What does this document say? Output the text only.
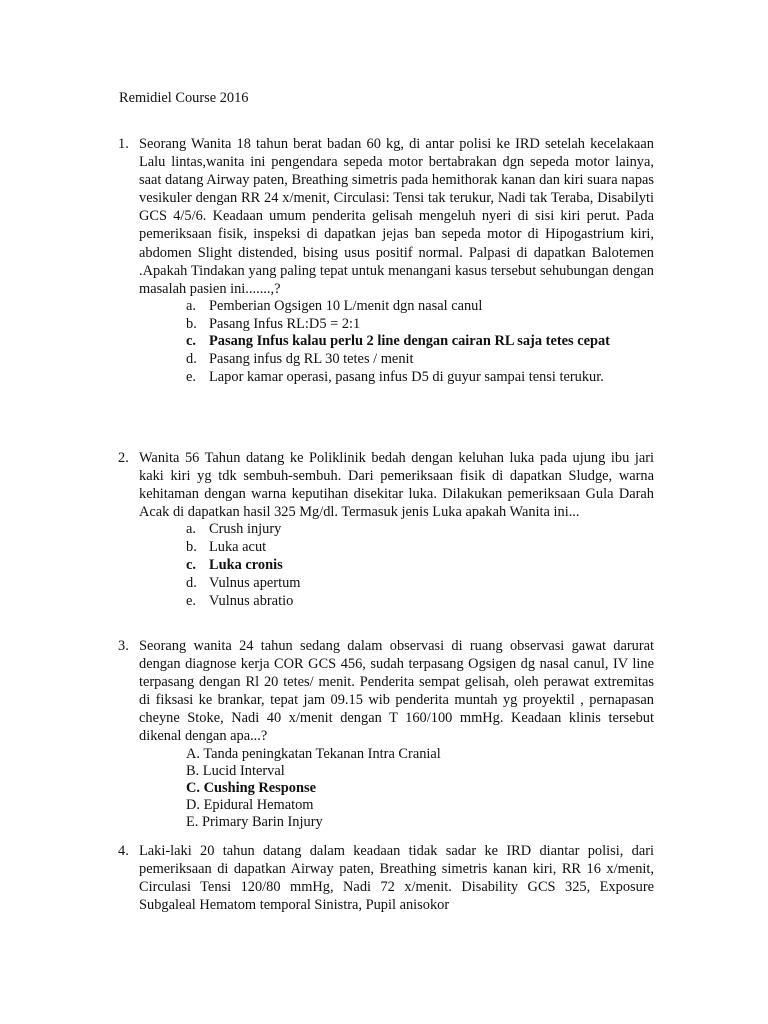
Remidiel Course 2016
1. Seorang Wanita 18 tahun berat badan 60 kg, di antar polisi ke IRD setelah kecelakaan Lalu lintas,wanita ini pengendara sepeda motor bertabrakan dgn sepeda motor lainya, saat datang Airway paten, Breathing simetris pada hemithorak kanan dan kiri suara napas vesikuler dengan RR 24 x/menit, Circulasi: Tensi tak terukur, Nadi tak Teraba, Disabilyti GCS 4/5/6. Keadaan umum penderita gelisah mengeluh nyeri di sisi kiri perut. Pada pemeriksaan fisik, inspeksi di dapatkan jejas ban sepeda motor di Hipogastrium kiri, abdomen Slight distended, bising usus positif normal. Palpasi di dapatkan Balotemen .Apakah Tindakan yang paling tepat untuk menangani kasus tersebut sehubungan dengan masalah pasien ini.......,?
a. Pemberian Ogsigen 10 L/menit dgn nasal canul
b. Pasang Infus RL:D5 = 2:1
c. Pasang Infus kalau perlu 2 line dengan cairan RL saja tetes cepat
d. Pasang infus dg RL 30 tetes / menit
e. Lapor kamar operasi, pasang infus D5 di guyur sampai tensi terukur.
2. Wanita 56 Tahun datang ke Poliklinik bedah dengan keluhan luka pada ujung ibu jari kaki kiri yg tdk sembuh-sembuh. Dari pemeriksaan fisik di dapatkan Sludge, warna kehitaman dengan warna keputihan disekitar luka. Dilakukan pemeriksaan Gula Darah Acak di dapatkan hasil 325 Mg/dl. Termasuk jenis Luka apakah Wanita ini...
a. Crush injury
b. Luka acut
c. Luka cronis
d. Vulnus apertum
e. Vulnus abratio
3. Seorang wanita 24 tahun sedang dalam observasi di ruang observasi gawat darurat dengan diagnose kerja COR GCS 456, sudah terpasang Ogsigen dg nasal canul, IV line terpasang dengan Rl 20 tetes/ menit. Penderita sempat gelisah, oleh perawat extremitas di fiksasi ke brankar, tepat jam 09.15 wib penderita muntah yg proyektil , pernapasan cheyne Stoke, Nadi 40 x/menit dengan T 160/100 mmHg. Keadaan klinis tersebut dikenal dengan apa...?
A. Tanda peningkatan Tekanan Intra Cranial
B. Lucid Interval
C. Cushing Response
D. Epidural Hematom
E. Primary Barin Injury
4. Laki-laki 20 tahun datang dalam keadaan tidak sadar ke IRD diantar polisi, dari pemeriksaan di dapatkan Airway paten, Breathing simetris kanan kiri, RR 16 x/menit, Circulasi Tensi 120/80 mmHg, Nadi 72 x/menit. Disability GCS 325, Exposure Subgaleal Hematom temporal Sinistra, Pupil anisokor
